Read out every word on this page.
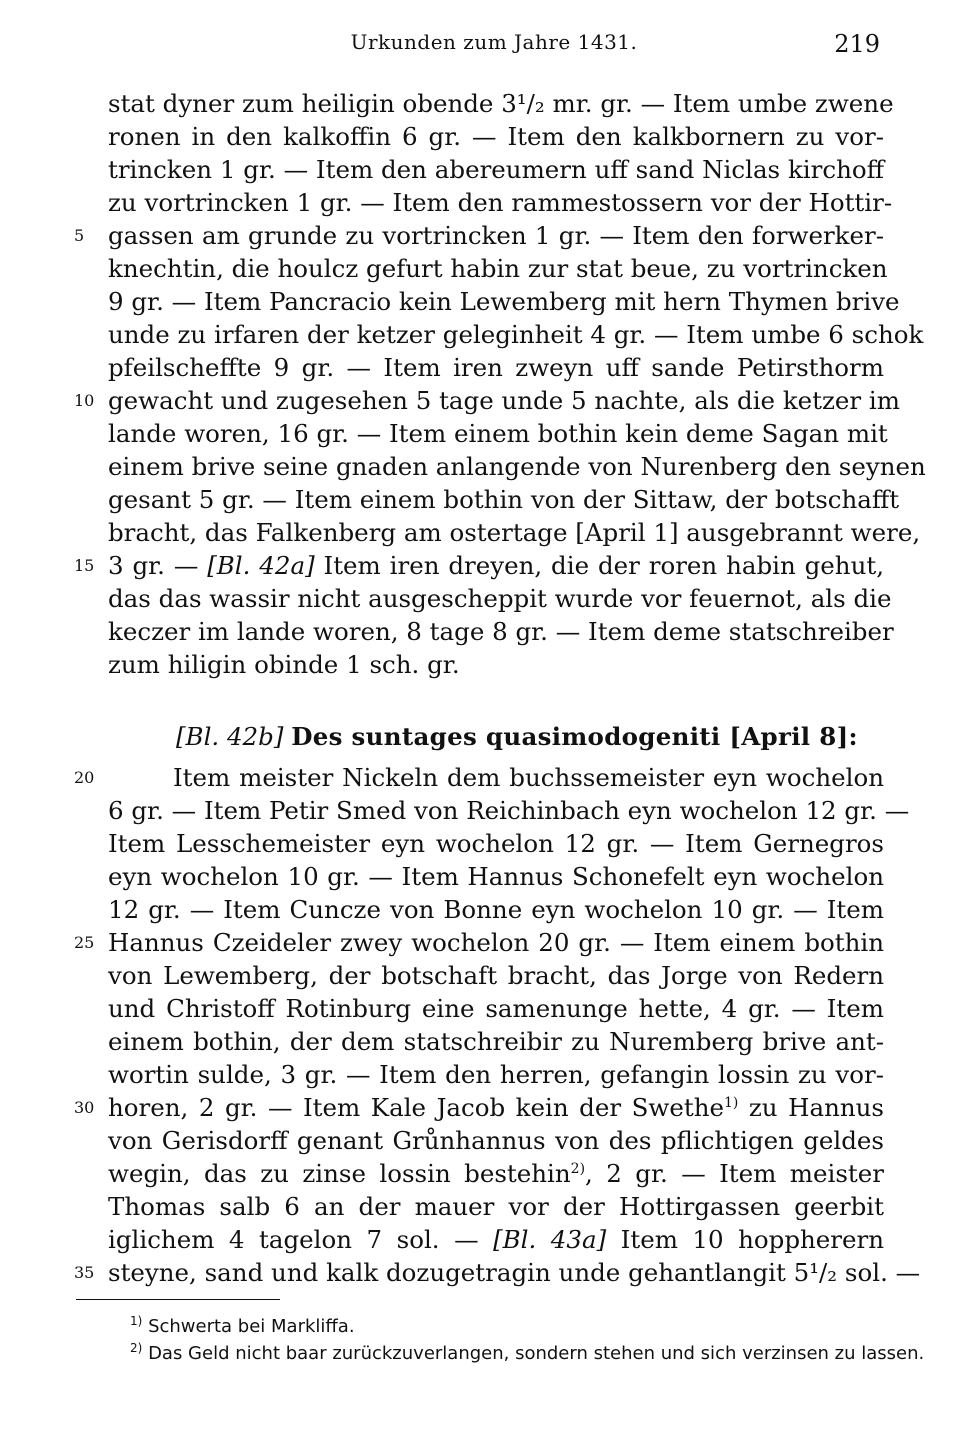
Urkunden zum Jahre 1431.	219
5
10
15
20
25
30
35
stat dyner zum heiligin obende 3¹/₂ mr. gr. — Item umbe zwene
ronen in den kalkoffin 6 gr. — Item den kalkbornern zu vor-
trincken 1 gr. — Item den abereumern uff sand Niclas kirchoff
zu vortrincken 1 gr. — Item den rammestossern vor der Hottir-
gassen am grunde zu vortrincken 1 gr. — Item den forwerker-
knechtin, die houlcz gefurt habin zur stat beue, zu vortrincken
9 gr. — Item Pancracio kein Lewemberg mit hern Thymen brive
unde zu irfaren der ketzer geleginheit 4 gr. — Item umbe 6 schok
pfeilscheffte 9 gr. — Item iren zweyn uff sande Petirsthorm
gewacht und zugesehen 5 tage unde 5 nachte, als die ketzer im
lande woren, 16 gr. — Item einem bothin kein deme Sagan mit
einem brive seine gnaden anlangende von Nurenberg den seynen
gesant 5 gr. — Item einem bothin von der Sittaw, der botschafft
bracht, das Falkenberg am ostertage [April 1] ausgebrannt were,
3 gr. — [Bl. 42a] Item iren dreyen, die der roren habin gehut,
das das wassir nicht ausgescheppit wurde vor feuernot, als die
keczer im lande woren, 8 tage 8 gr. — Item deme statschreiber
zum hiligin obinde 1 sch. gr.
[Bl. 42b] Des suntages quasimodogeniti [April 8]:
Item meister Nickeln dem buchssemeister eyn wochelon
6 gr. — Item Petir Smed von Reichinbach eyn wochelon 12 gr. —
Item Lesschemeister eyn wochelon 12 gr. — Item Gernegros
eyn wochelon 10 gr. — Item Hannus Schonefelt eyn wochelon
12 gr. — Item Cuncze von Bonne eyn wochelon 10 gr. — Item
Hannus Czeideler zwey wochelon 20 gr. — Item einem bothin
von Lewemberg, der botschaft bracht, das Jorge von Redern
und Christoff Rotinburg eine samenunge hette, 4 gr. — Item
einem bothin, der dem statschreibir zu Nuremberg brive ant-
wortin sulde, 3 gr. — Item den herren, gefangin lossin zu vor-
horen, 2 gr. — Item Kale Jacob kein der Swethe$^{1)}$ zu Hannus
von Gerisdorff genant Grůnhannus von des pflichtigen geldes
wegin, das zu zinse lossin bestehin$^{2)}$, 2 gr. — Item meister
Thomas salb 6 an der mauer vor der Hottirgassen geerbit
iglichem 4 tagelon 7 sol. — [Bl. 43a] Item 10 hoppherern
steyne, sand und kalk dozugetragin unde gehantlangit 5¹/₂ sol. —
$^{1)}$ Schwerta bei Markliffa.
$^{2)}$ Das Geld nicht baar zurückzuverlangen, sondern stehen und sich verzinsen zu lassen.
